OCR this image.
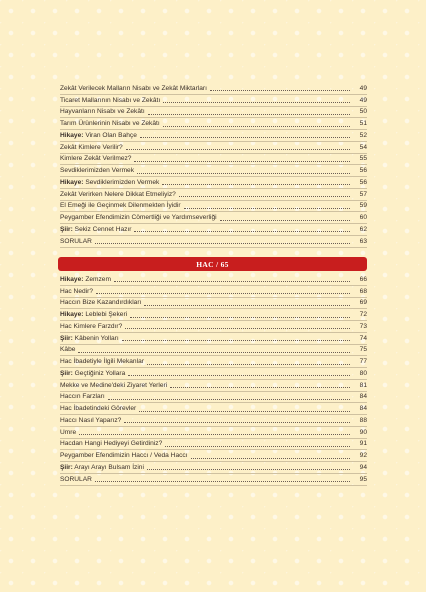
Zekât Verilecek Malların Nisabı ve Zekât Miktarları	49
Ticaret Mallarının Nisabı ve Zekâtı	49
Hayvanların Nisabı ve Zekâtı	50
Tarım Ürünlerinin Nisabı ve Zekâtı	51
Hikaye: Viran Olan Bahçe	52
Zekât Kimlere Verilir?	54
Kimlere Zekât Verilmez?	55
Sevdiklerimizden Vermek	56
Hikaye: Sevdiklerimizden Vermek	56
Zekât Verirken Nelere Dikkat Etmeliyiz?	57
El Emeği ile Geçinmek Dilenmekten İyidir	59
Peygamber Efendimizin Cömertliği ve Yardımseverliği	60
Şiir: Sekiz Cennet Hazır	62
SORULAR	63
HAC / 65
Hikaye: Zemzem	66
Hac Nedir?	68
Haccın Bize Kazandırdıkları	69
Hikaye: Leblebi Şekeri	72
Hac Kimlere Farzdır?	73
Şiir: Kâbenin Yolları	74
Kâbe	75
Hac İbadetiyle İlgili Mekanlar	77
Şiir: Geçtiğiniz Yollara	80
Mekke ve Medine'deki Ziyaret Yerleri	81
Haccın Farzları	84
Hac İbadetindeki Görevler	84
Haccı Nasıl Yaparız?	88
Umre	90
Hacdan Hangi Hediyeyi Getirdiniz?	91
Peygamber Efendimizin Haccı / Veda Haccı	92
Şiir: Arayı Arayı Bulsam İzini	94
SORULAR	95
